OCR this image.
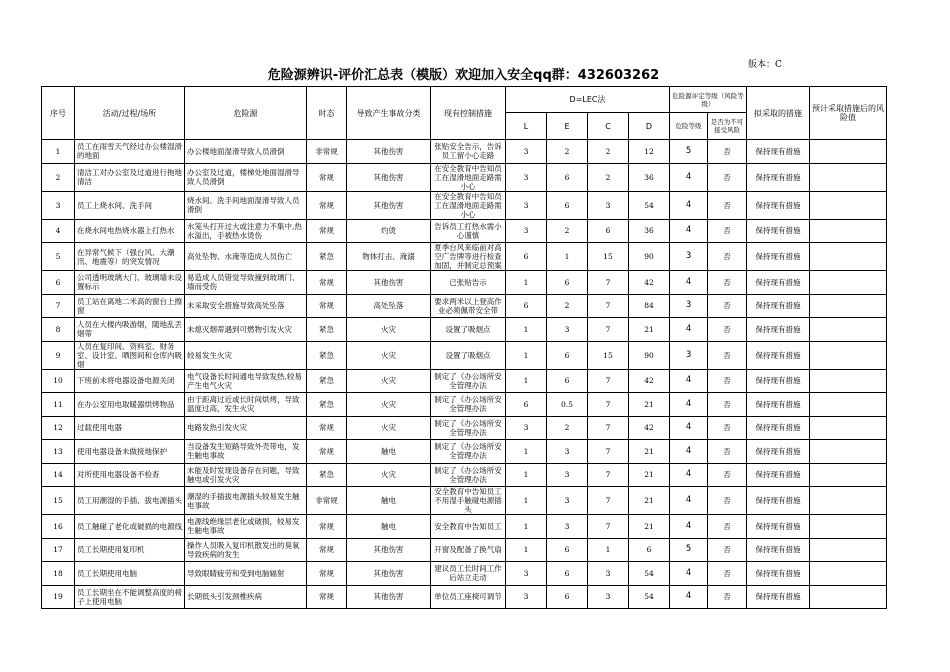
版本：C
危险源辨识-评价汇总表（模版）欢迎加入安全qq群：432603262
序号	活动/过程/场所	危险源	时态	导致产生事故分类	现有控制措施	D=LEC法				危险源评定等级（风险等级）		拟采取的措施	预计采取措施后的风险值
						L	E	C	D	危险等级	是否为不可接受风险		
1	员工在雨雪天气经过办公楼湿滑的地面	办公楼地面湿滑导致人员滑倒	非常规	其他伤害	张贴安全告示，告诉员工留小心走路	3	2	2	12	5	否	保持现有措施	
2	清洁工对办公室及过道进行拖地清洁	办公室及过道，楼梯处地面湿滑导致人员滑倒	常规	其他伤害	在安全教育中告知员工在湿滑地面走路需小心	3	6	2	36	4	否	保持现有措施	
3	员工上烧水间、洗手间	烧水间、洗手间地面湿滑导致人员滑倒	常规	其他伤害	在安全教育中告知员工在湿滑地面走路需小心	3	6	3	54	4	否	保持现有措施	
4	在烧水间电热烧水器上打热水	水笼头打开过大或注意力不集中,热水溢出，手被热水烫伤	常规	灼烫	告诉员工打热水需小心谨慎	3	2	6	36	4	否	保持现有措施	
5	在异常气候下（强台风、大潮汛、地震等）的突发情况	高处坠物、水淹等造成人员伤亡	紧急	物体打击、淹溺	夏季台风来临前对高空广告牌等进行检查加固，并制定总预案	6	1	15	90	3	否	保持现有措施	
6	公司透明玻璃大门、玻璃墙未设置标示	易造成人员错觉导致撞到玻璃门、墙而受伤	常规	其他伤害	已张贴告示	1	6	7	42	4	否	保持现有措施	
7	员工站在离地二米高的窗台上擦窗	未采取安全措施导致高处坠落	常规	高处坠落	要求两米以上登高作业必须佩带安全带	6	2	7	84	3	否	保持现有措施	
8	人员在大楼内吸游烟，随地乱丢烟蒂	未熄灭烟蒂遇到可燃物引发火灾	紧急	火灾	设置了吸烟点	1	3	7	21	4	否	保持现有措施	
9	人员在复印间、资料室、财务室、设计室、晒图间和仓库内吸烟	较易发生火灾	紧急	火灾	设置了吸烟点	1	6	15	90	3	否	保持现有措施	
10	下班前未将电器设备电源关闭	电气设备长时间通电导致发热,较易产生电气火灾	紧急	火灾	制定了《办公场所安全管理办法	1	6	7	42	4	否	保持现有措施	
11	在办公室用电取暖器烘烤物品	由于距离过近或长时间烘烤，导致温度过高，发生火灾	紧急	火灾	制定了《办公场所安全管理办法	6	0.5	7	21	4	否	保持现有措施	
12	过载使用电器	电路发热引发火灾	常规	火灾	制定了《办公场所安全管理办法	3	2	7	42	4	否	保持现有措施	
13	使用电器设备未做接地保护	当设备发生短路导致外壳带电，发生触电事故	常规	触电	制定了《办公场所安全管理办法	1	3	7	21	4	否	保持现有措施	
14	对所使用电器设备不检查	未能及时发现设备存在问题，导致触电或引发火灾	紧急	火灾	制定了《办公场所安全管理办法	1	3	7	21	4	否	保持现有措施	
15	员工用潮湿的手插、拔电源插头	潮湿的手插拔电源插头较易发生触电事故	非常规	触电	安全教育中告知员工不用湿手触碰电源插头	1	3	7	21	4	否	保持现有措施	
16	员工触碰了老化或破损的电源线	电源线绝缘层老化或破损，较易发生触电事故	常规	触电	安全教育中告知员工	1	3	7	21	4	否	保持现有措施	
17	员工长期使用复印机	操作人员吸入复印机散发出的臭氧导致疾病的发生	常规	其他伤害	开窗及配备了换气扇	1	6	1	6	5	否	保持现有措施	
18	员工长期使用电脑	导致眼睛疲劳和受到电脑辐射	常规	其他伤害	建议员工长时间工作后站立走动	3	6	3	54	4	否	保持现有措施	
19	员工长期坐在不能调整高度的椅子上使用电脑	长期低头引发颈椎疾病	常规	其他伤害	单位员工座椅可调节	3	6	3	54	4	否	保持现有措施	
